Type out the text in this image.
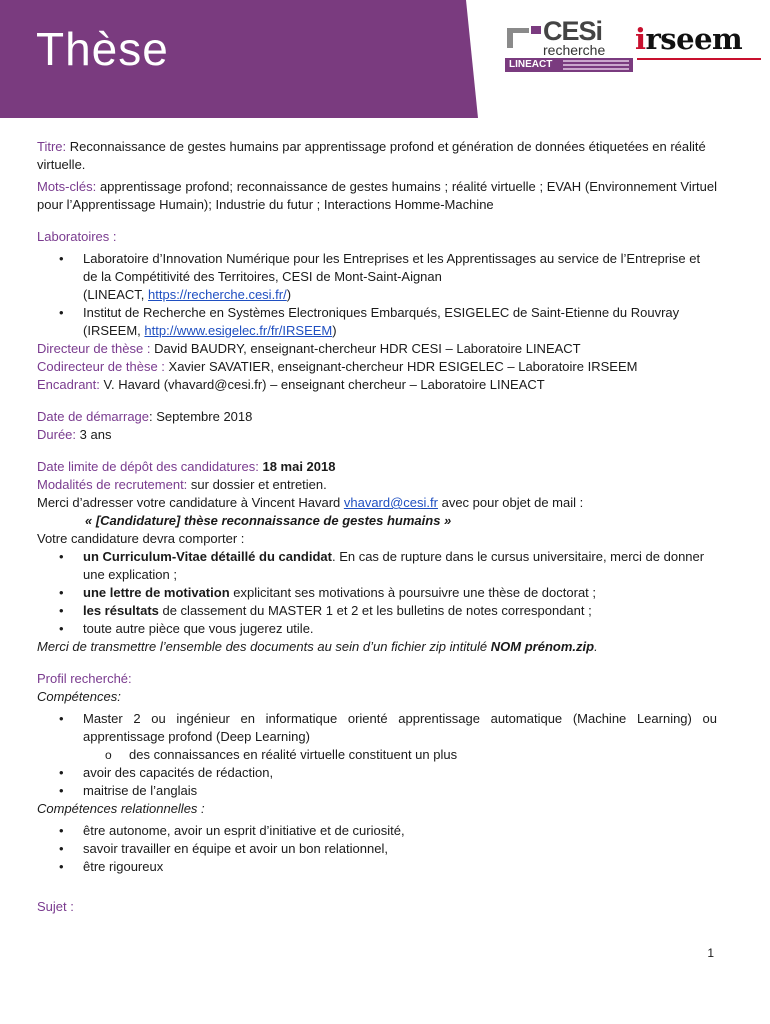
Thèse	CESi
recherche
LINEACT
irseem

Titre: Reconnaissance de gestes humains par apprentissage profond et génération de données étiquetées en réalité virtuelle.

Mots-clés: apprentissage profond; reconnaissance de gestes humains ; réalité virtuelle ; EVAH (Environnement Virtuel pour l’Apprentissage Humain); Industrie du futur ; Interactions Homme-Machine

Laboratoires :

• Laboratoire d’Innovation Numérique pour les Entreprises et les Apprentissages au service de l’Entreprise et de la Compétitivité des Territoires, CESI de Mont-Saint-Aignan
(LINEACT, https://recherche.cesi.fr/)
• Institut de Recherche en Systèmes Electroniques Embarqués, ESIGELEC de Saint-Etienne du Rouvray
(IRSEEM, http://www.esigelec.fr/fr/IRSEEM)

Directeur de thèse : David BAUDRY, enseignant-chercheur HDR CESI – Laboratoire LINEACT

Codirecteur de thèse : Xavier SAVATIER, enseignant-chercheur HDR ESIGELEC – Laboratoire IRSEEM

Encadrant: V. Havard (vhavard@cesi.fr) – enseignant chercheur – Laboratoire LINEACT

Date de démarrage: Septembre 2018

Durée: 3 ans

Date limite de dépôt des candidatures: 18 mai 2018

Modalités de recrutement: sur dossier et entretien.

Merci d’adresser votre candidature à Vincent Havard vhavard@cesi.fr avec pour objet de mail :

« [Candidature] thèse reconnaissance de gestes humains »

Votre candidature devra comporter :

• un Curriculum-Vitae détaillé du candidat. En cas de rupture dans le cursus universitaire, merci de donner une explication ;
• une lettre de motivation explicitant ses motivations à poursuivre une thèse de doctorat ;
• les résultats de classement du MASTER 1 et 2 et les bulletins de notes correspondant ;
• toute autre pièce que vous jugerez utile.

Merci de transmettre l’ensemble des documents au sein d’un fichier zip intitulé NOM prénom.zip.

Profil recherché:

Compétences:

• Master 2 ou ingénieur en informatique orienté apprentissage automatique (Machine Learning) ou apprentissage profond (Deep Learning)
o des connaissances en réalité virtuelle constituent un plus
• avoir des capacités de rédaction,
• maitrise de l’anglais

Compétences relationnelles :

• être autonome, avoir un esprit d’initiative et de curiosité,
• savoir travailler en équipe et avoir un bon relationnel,
• être rigoureux

Sujet :

1
